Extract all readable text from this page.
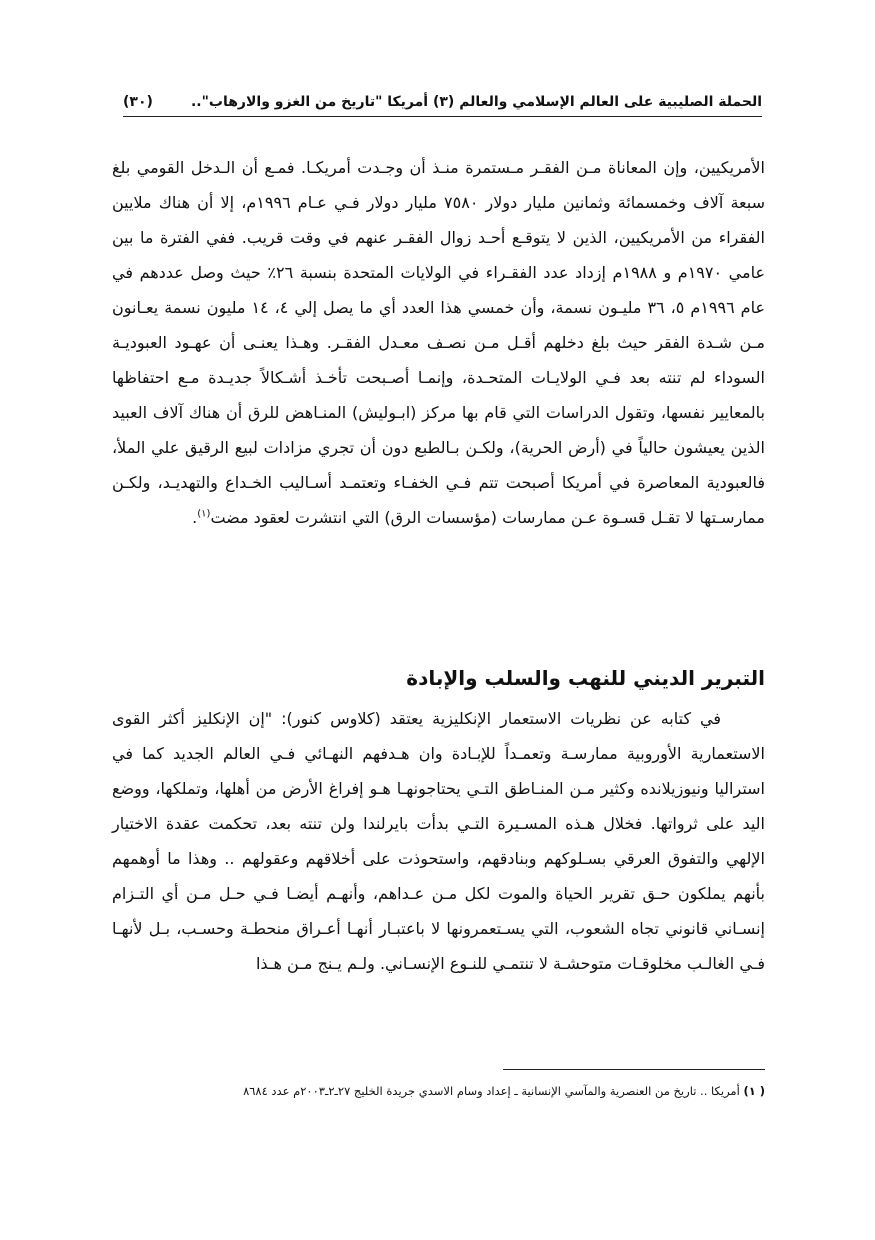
الحملة الصليبية على العالم الإسلامي والعالم (٣) أمريكا "تاريخ من الغزو والارهاب"..
(٣٠)

الأمريكيين، وإن المعاناة مـن الفقـر مـستمرة منـذ أن وجـدت أمريكـا. فمـع أن الـدخل القومي بلغ سبعة آلاف وخمسمائة وثمانين مليار دولار ٧٥٨٠ مليار دولار فـي عـام ١٩٩٦م، إلا أن هناك ملايين الفقراء من الأمريكيين، الذين لا يتوقـع أحـد زوال الفقـر عنهم في وقت قريب. ففي الفترة ما بين عامي ١٩٧٠م و ١٩٨٨م إزداد عدد الفقـراء في الولايات المتحدة بنسبة ٢٦٪ حيث وصل عددهم في عام ١٩٩٦م ٥، ٣٦ مليـون نسمة، وأن خمسي هذا العدد أي ما يصل إلي ٤، ١٤ مليون نسمة يعـانون مـن شـدة الفقر حيث بلغ دخلهم أقـل مـن نصـف معـدل الفقـر. وهـذا يعنـى أن عهـود العبوديـة السوداء لم تنته بعد فـي الولايـات المتحـدة، وإنمـا أصـبحت تأخـذ أشـكالاً جديـدة مـع احتفاظها بالمعايير نفسها، وتقول الدراسات التي قام بها مركز (ابـوليش) المنـاهض للرق أن هناك آلاف العبيد الذين يعيشون حالياً في (أرض الحرية)، ولكـن بـالطبع دون أن تجري مزادات لبيع الرقيق علي الملأ، فالعبودية المعاصرة في أمريكا أصبحت تتم فـي الخفـاء وتعتمـد أسـاليب الخـداع والتهديـد، ولكـن ممارسـتها لا تقـل قسـوة عـن ممارسات (مؤسسات الرق) التي انتشرت لعقود مضت$^{(١)}$.

التبرير الديني للنهب والسلب والإبادة

في كتابه عن نظريات الاستعمار الإنكليزية يعتقد (كلاوس كنور): "إن الإنكليز أكثر القوى الاستعمارية الأوروبية ممارسـة وتعمـداً للإبـادة وان هـدفهم النهـائي فـي العالم الجديد كما في استراليا ونيوزيلانده وكثير مـن المنـاطق التـي يحتاجونهـا هـو إفراغ الأرض من أهلها، وتملكها، ووضع اليد على ثرواتها. فخلال هـذه المسـيرة التـي بدأت بايرلندا ولن تنته بعد، تحكمت عقدة الاختيار الإلهي والتفوق العرقي بسـلوكهم وبنادقهم، واستحوذت على أخلاقهم وعقولهم .. وهذا ما أوهمهم بأنهم يملكون حـق تقرير الحياة والموت لكل مـن عـداهم، وأنهـم أيضـا فـي حـل مـن أي التـزام إنسـاني قانوني تجاه الشعوب، التي يسـتعمرونها لا باعتبـار أنهـا أعـراق منحطـة وحسـب، بـل لأنهـا فـي الغالـب مخلوقـات متوحشـة لا تنتمـي للنـوع الإنسـاني. ولـم يـنج مـن هـذا

( ١) أمريكا .. تاريخ من العنصرية والمآسي الإنسانية ـ إعداد وسام الاسدي جريدة الخليج ٢٧ـ٢ـ٢٠٠٣م عدد ٨٦٨٤
